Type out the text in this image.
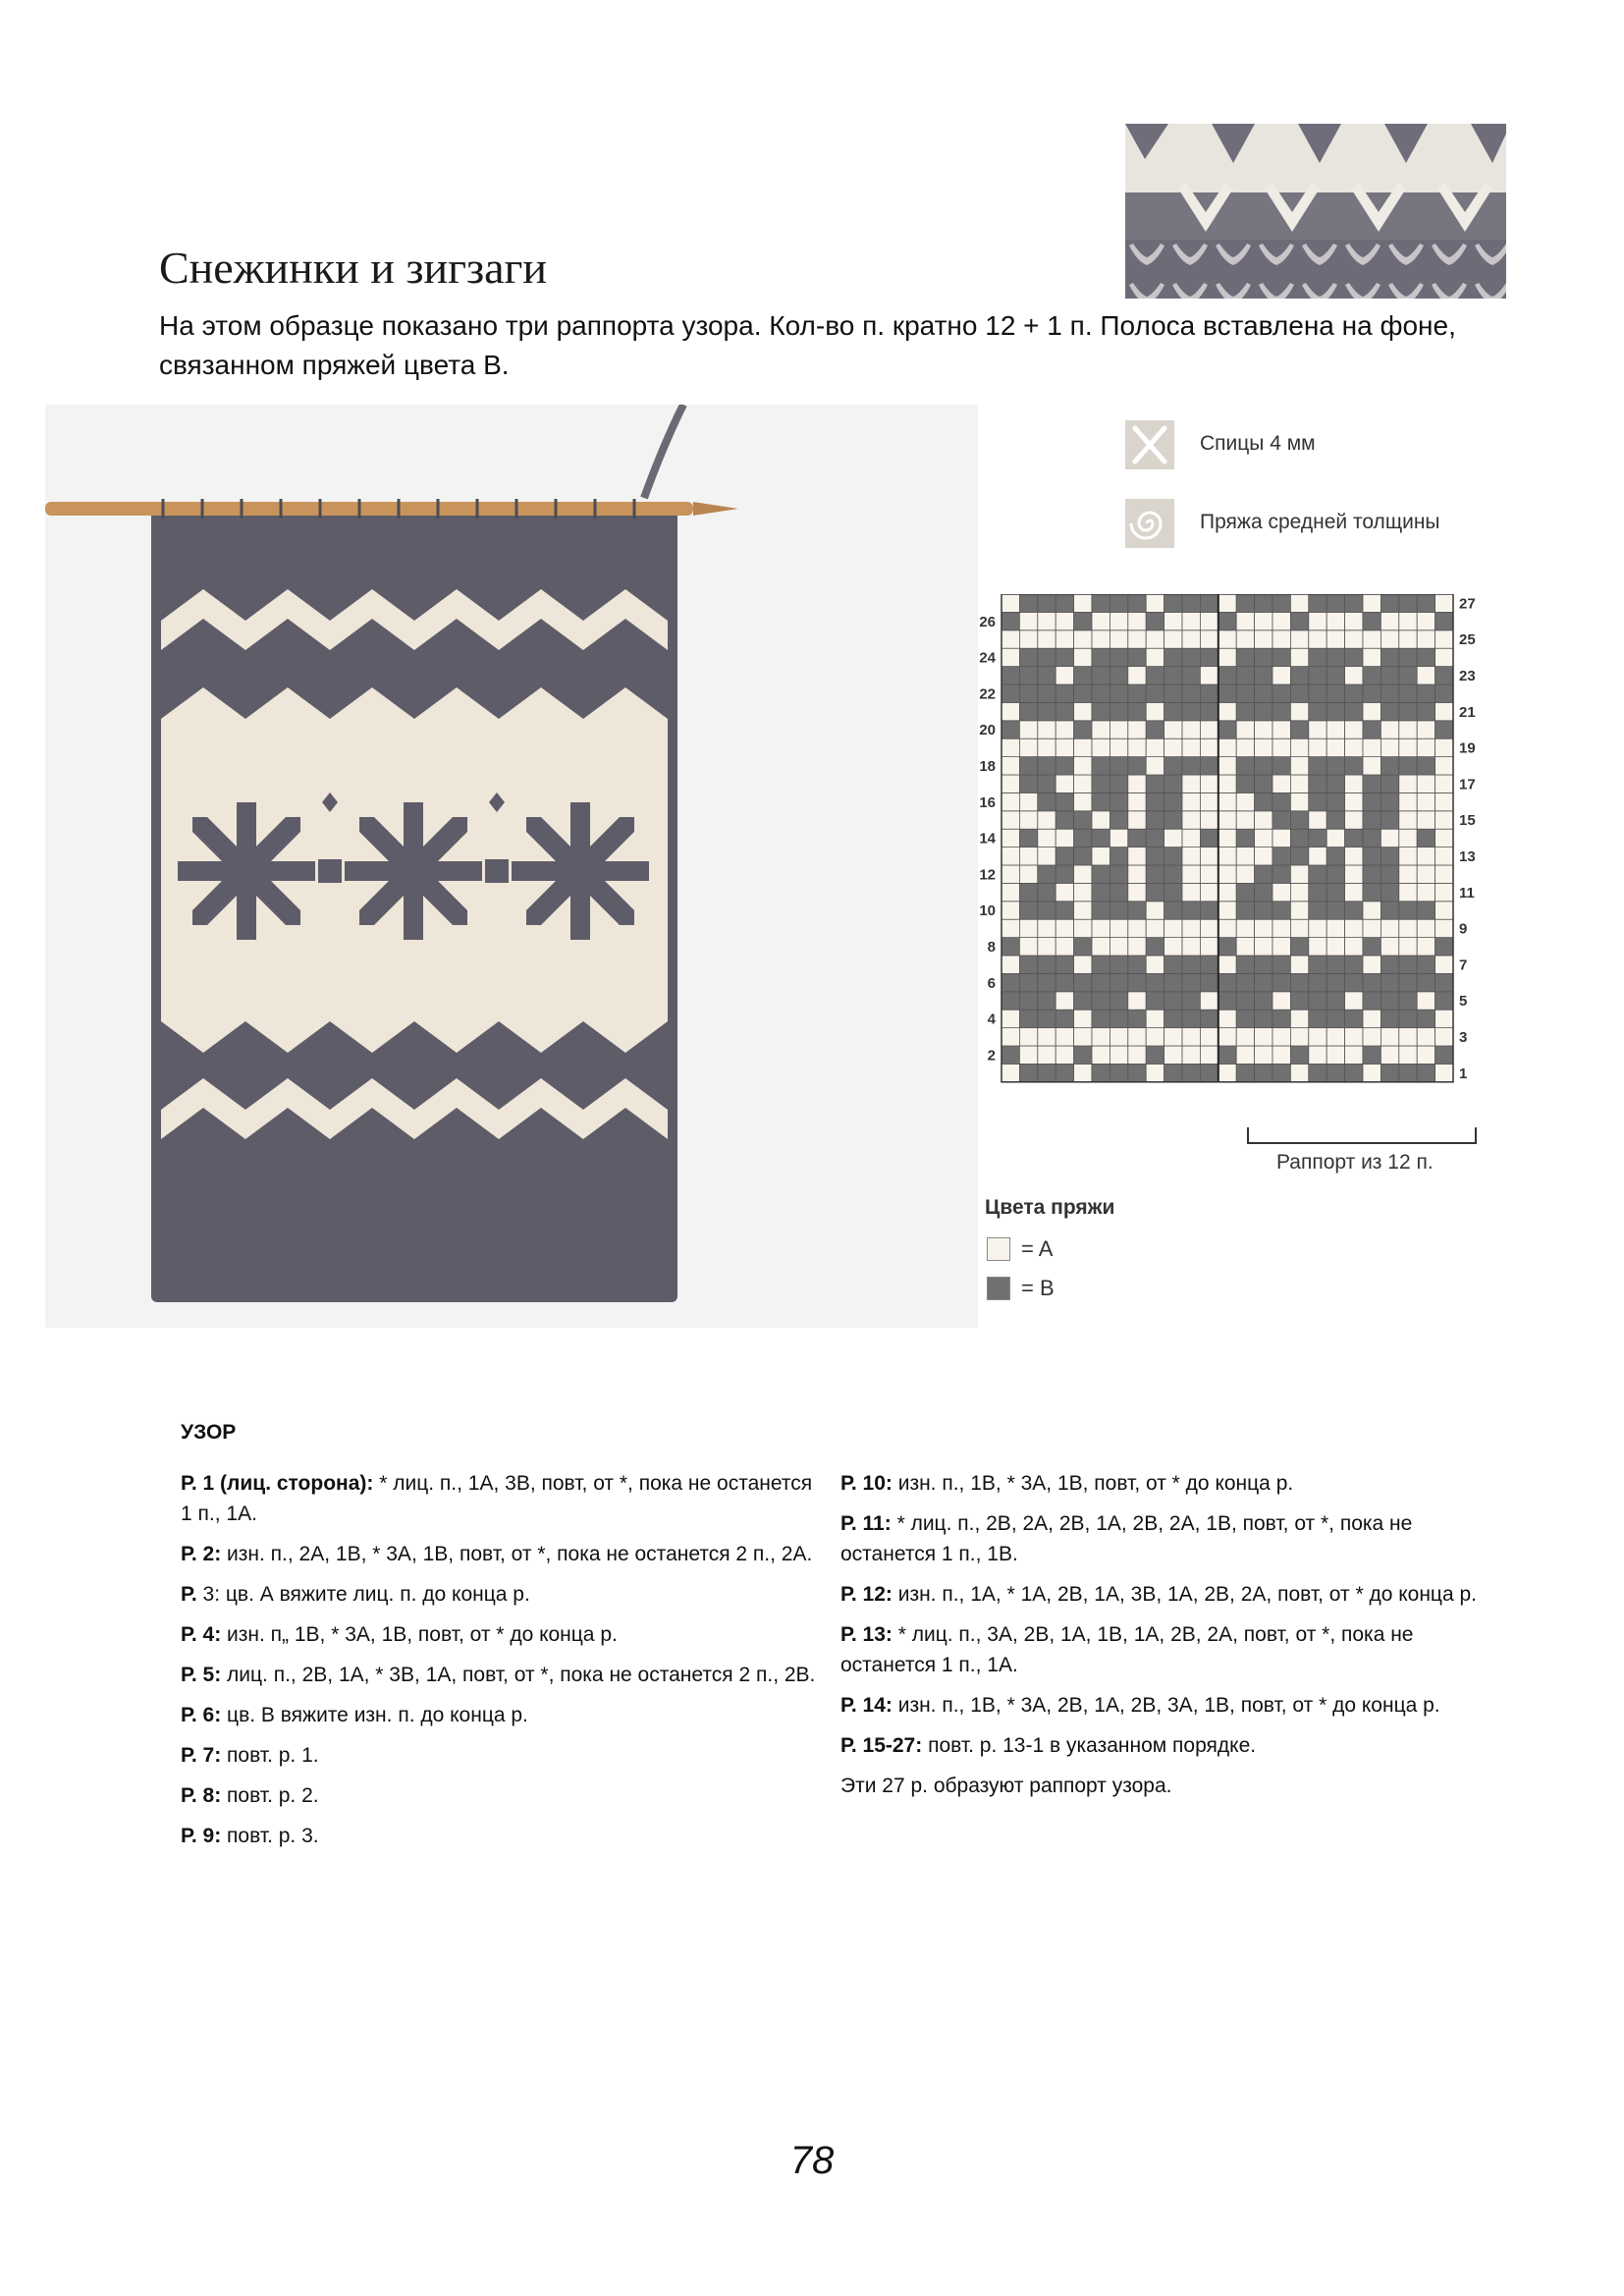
Снежинки и зигзаги
На этом образце показано три раппорта узора. Кол-во п. кратно 12 + 1 п. Полоса вставлена на фоне, связанном пряжей цвета В.
Спицы 4 мм
Пряжа средней толщины
26
24
22
20
18
16
14
12
10
8
6
4
2
27
25
23
21
19
17
15
13
11
9
7
5
3
1
Раппорт из 12 п.
Цвета пряжи
= A
= B
УЗОР

Р. 1 (лиц. сторона): * лиц. п., 1А, 3В, повт, от *, пока не останется 1 п., 1А.

Р. 2: изн. п., 2А, 1В, * 3А, 1В, повт, от *, пока не останется 2 п., 2А.

Р. 3: цв. А вяжите лиц. п. до конца р.

Р. 4: изн. п„ 1В, * 3А, 1В, повт, от * до конца р.

Р. 5: лиц. п., 2В, 1А, * 3В, 1А, повт, от *, пока не останется 2 п., 2В.

Р. 6: цв. В вяжите изн. п. до конца р.

Р. 7: повт. р. 1.

Р. 8: повт. р. 2.

Р. 9: повт. р. 3.

Р. 10: изн. п., 1В, * 3А, 1В, повт, от * до конца р.

Р. 11: * лиц. п., 2В, 2А, 2В, 1А, 2В, 2А, 1В, повт, от *, пока не останется 1 п., 1В.

Р. 12: изн. п., 1А, * 1А, 2В, 1А, 3В, 1А, 2В, 2А, повт, от * до конца р.

Р. 13: * лиц. п., 3А, 2В, 1А, 1В, 1А, 2В, 2А, повт, от *, пока не останется 1 п., 1А.

Р. 14: изн. п., 1В, * 3А, 2В, 1А, 2В, 3А, 1В, повт, от * до конца р.

Р. 15-27: повт. р. 13-1 в указанном порядке.

Эти 27 р. образуют раппорт узора.

78
